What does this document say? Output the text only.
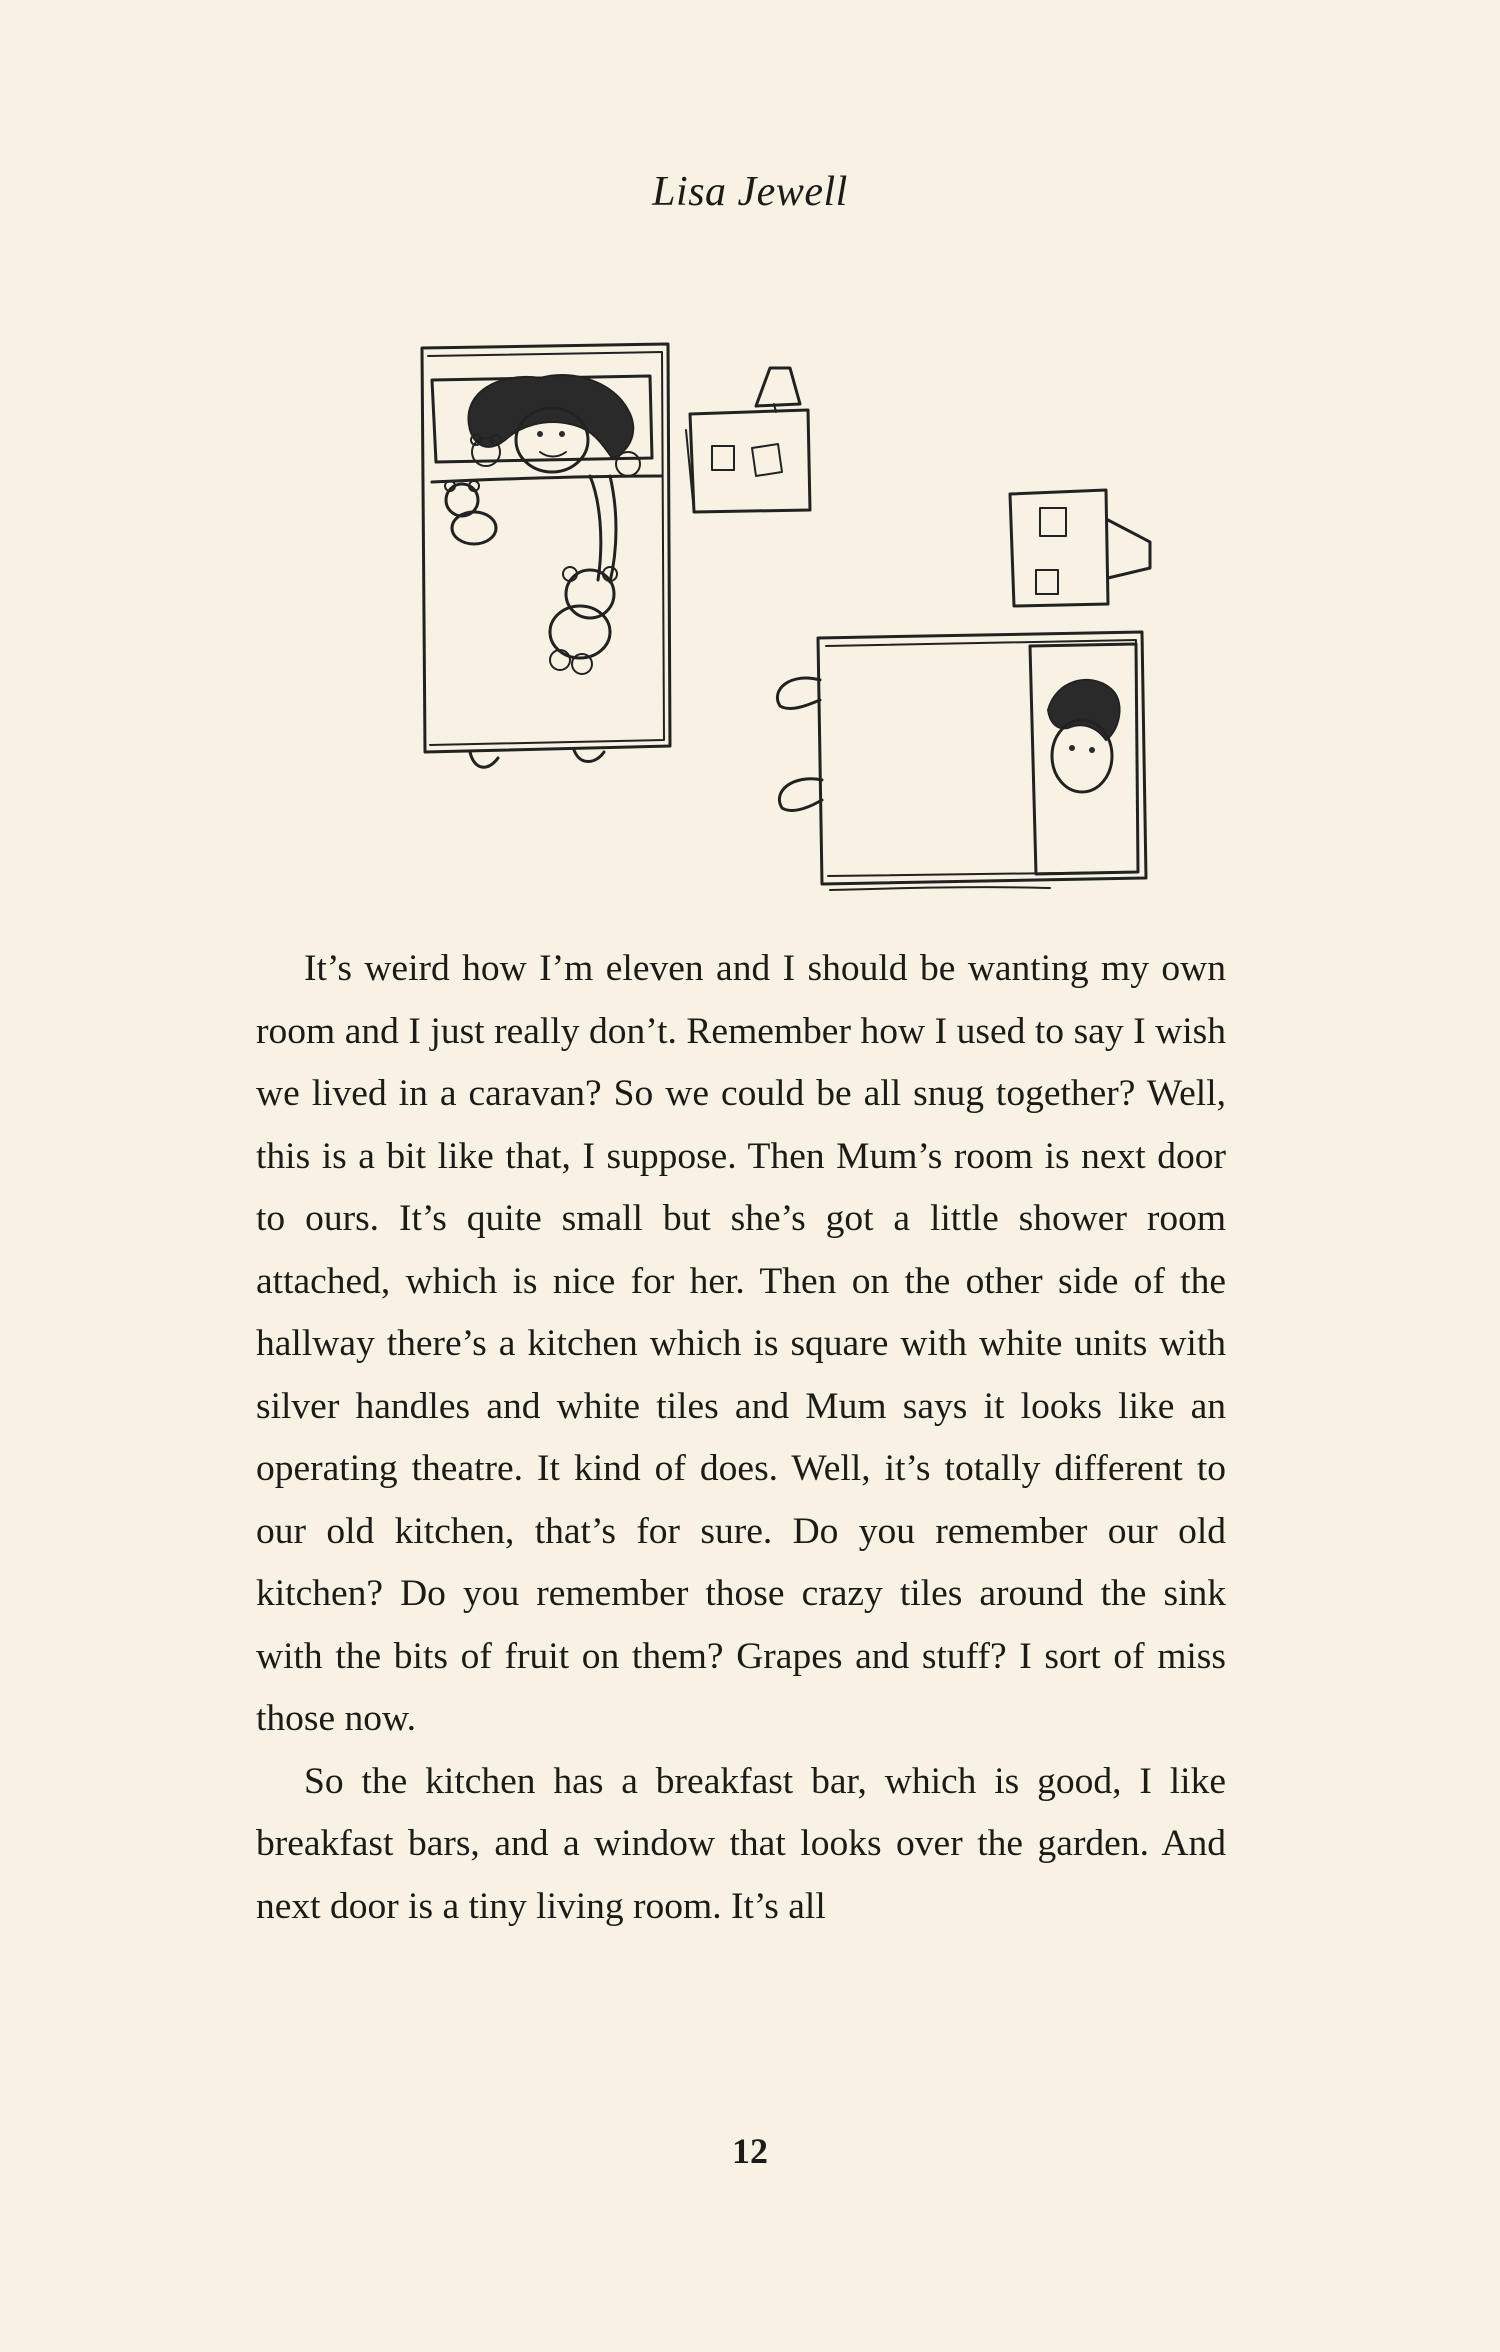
Lisa Jewell

It’s weird how I’m eleven and I should be wanting my own room and I just really don’t. Remember how I used to say I wish we lived in a caravan? So we could be all snug together? Well, this is a bit like that, I suppose. Then Mum’s room is next door to ours. It’s quite small but she’s got a little shower room attached, which is nice for her. Then on the other side of the hallway there’s a kitchen which is square with white units with silver handles and white tiles and Mum says it looks like an operating theatre. It kind of does. Well, it’s totally different to our old kitchen, that’s for sure. Do you remember our old kitchen? Do you remember those crazy tiles around the sink with the bits of fruit on them? Grapes and stuff? I sort of miss those now.

So the kitchen has a breakfast bar, which is good, I like breakfast bars, and a window that looks over the garden. And next door is a tiny living room. It’s all

12
